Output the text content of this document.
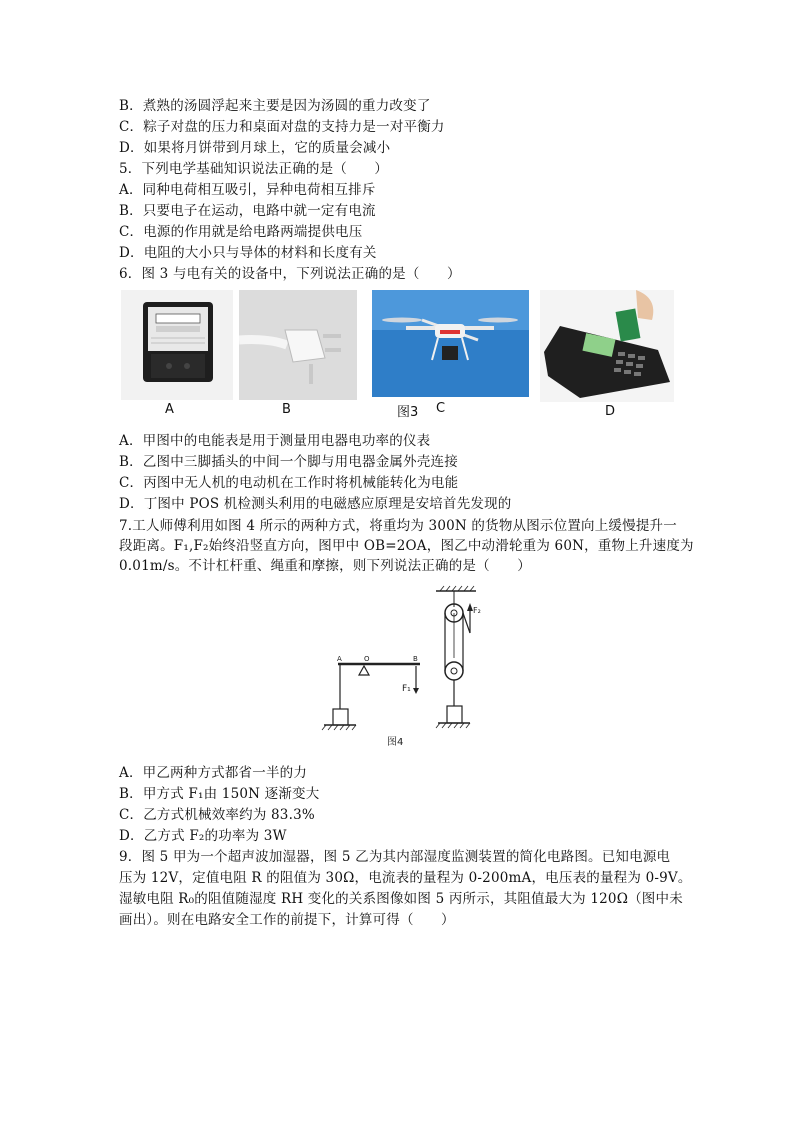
B．煮熟的汤圆浮起来主要是因为汤圆的重力改变了
C．粽子对盘的压力和桌面对盘的支持力是一对平衡力
D．如果将月饼带到月球上，它的质量会减小
5．下列电学基础知识说法正确的是（　　）
A．同种电荷相互吸引，异种电荷相互排斥
B．只要电子在运动，电路中就一定有电流
C．电源的作用就是给电路两端提供电压
D．电阻的大小只与导体的材料和长度有关
6．图 3 与电有关的设备中，下列说法正确的是（　　）
A	B	图3 C	D
A．甲图中的电能表是用于测量用电器电功率的仪表
B．乙图中三脚插头的中间一个脚与用电器金属外壳连接
C．丙图中无人机的电动机在工作时将机械能转化为电能
D．丁图中 POS 机检测头利用的电磁感应原理是安培首先发现的
7.工人师傅利用如图 4 所示的两种方式，将重均为 300N 的货物从图示位置向上缓慢提升一
段距离。F₁,F₂始终沿竖直方向，图甲中 OB=2OA，图乙中动滑轮重为 60N，重物上升速度为
0.01m/s。不计杠杆重、绳重和摩擦，则下列说法正确的是（　　）
A	O	B
F₁
F₂
图4
A．甲乙两种方式都省一半的力
B．甲方式 F₁由 150N 逐渐变大
C．乙方式机械效率约为 83.3%
D．乙方式 F₂的功率为 3W
9．图 5 甲为一个超声波加湿器，图 5 乙为其内部湿度监测装置的简化电路图。已知电源电
压为 12V，定值电阻 R 的阻值为 30Ω，电流表的量程为 0-200mA，电压表的量程为 0-9V。
湿敏电阻 R₀的阻值随湿度 RH 变化的关系图像如图 5 丙所示，其阻值最大为 120Ω（图中未
画出）。则在电路安全工作的前提下，计算可得（　　）
